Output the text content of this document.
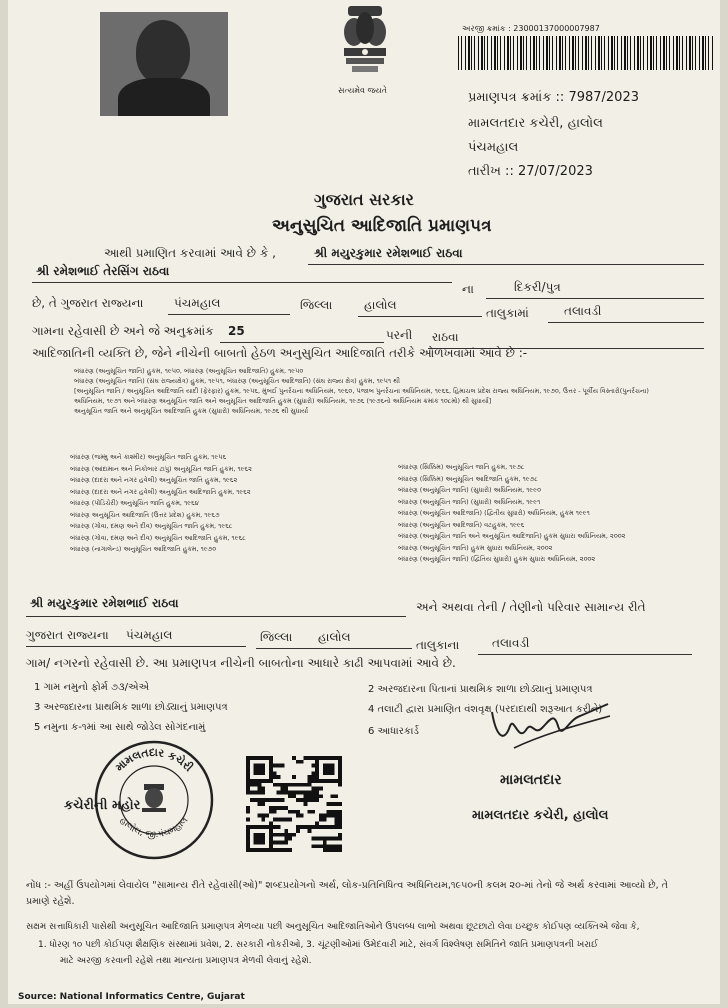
સત્યમેવ જયતે
અરજી ક્રમાંક : 23000137000007987
પ્રમાણપત્ર ક્રમાંક :: 7987/2023
મામલતદાર કચેરી, હાલોલ
પંચમહાલ
તારીખ :: 27/07/2023
ગુજરાત સરકાર
અનુસુચિત આદિજાતિ પ્રમાણપત્ર
આથી પ્રમાણિત કરવામાં આવે છે કે ,	શ્રી મયુરકુમાર રમેશભાઈ રાઠવા
શ્રી રમેશભાઈ તેરસિંગ રાઠવા
ના	દિકરી/પુત્ર
છે, તે ગુજરાત રાજ્યના	પંચમહાલ	જિલ્લા	હાલોલ
તાલુકામાં	તલાવડી
ગામના રહેવાસી છે અને જે અનુક્રમાંક 25	પરની રાઠવા
આદિજાતિની વ્યક્તિ છે, જેને નીચેની બાબતો હેઠળ અનુસુચિત આદિજાતિ તરીકે ઓળખવામાં આવે છે :-
બંધારણ (અનુસૂચિત જાતિ) હુકમ, ૧૯૫૦, બંધારણ (અનુસૂચિત આદિજાતિ) હુકમ, ૧૯૫૦
બંધારણ (અનુસૂચિત જાતિ) (સંઘ રાજ્યક્ષેત્ર) હુકમ, ૧૯૫૧, બંધારણ (અનુસૂચિત આદિજાતિ) (સંઘ રાજ્ય ક્ષેત્ર) હુકમ, ૧૯૫૧ થી
[અનુસૂચિત જાતિ / અનુસૂચિત આદિજાતિ યાદી (ફેરફાર) હુકમ, ૧૯૫૬, મુંબઈ પુનર્રચના અધિનિયમ, ૧૯૬૦, પંજાબ પુનર્રચના અધિનિયમ, ૧૯૬૬, હિમાચલ પ્રદેશ રાજ્ય અધિનિયમ, ૧૯૭૦, ઉત્તર - પૂર્વીય વિસ્તારો(પુનર્રચના)
અધિનિયમ, ૧૯૭૧ અને બંધારણ અનુસૂચિત જાતિ અને અનુસૂચિત આદિજાતિ હુકમ (સુધારો) અધિનિયમ, ૧૯૭૬ (૧૯૭૬નો અધિનિયમ ક્રમાંક ૧૦૮મો) થી સુધાર્યા]
અનુસૂચિત જાતિ અને અનુસૂચિત આદિજાતિ હુકમ (સુધારો) અધિનિયમ, ૧૯૭૬ થી સુધાર્યા
બંધારણ (જમ્મુ અને કાશ્મીર) અનુસૂચિત જાતિ હુકમ, ૧૯૫૬
બંધારણ (આંદામાન અને નિકોબાર ટાપુ) અનુસૂચિત જાતિ હુકમ, ૧૯૬૨
બંધારણ (દાદરા અને નગર હવેલી) અનુસૂચિત જાતિ હુકમ, ૧૯૬૨
બંધારણ (દાદરા અને નગર હવેલી) અનુસૂચિત આદિજાતિ હુકમ, ૧૯૬૨
બંધારણ (પોંડિચેરી) અનુસૂચિત જાતિ હુકમ, ૧૯૬૪
બંધારણ અનુસૂચિત આદિજાતિ (ઉત્તર પ્રદેશ) હુકમ, ૧૯૬૭
બંધારણ (ગોવા, દમણ અને દીવ) અનુસૂચિત જાતિ હુકમ, ૧૯૬૮
બંધારણ (ગોવા, દમણ અને દીવ) અનુસૂચિત આદિજાતિ હુકમ, ૧૯૬૮
બંધારણ (નાગાલેન્ડ) અનુસૂચિત આદિજાતિ હુકમ, ૧૯૭૦
બંધારણ (સિક્કિમ) અનુસૂચિત જાતિ હુકમ, ૧૯૭૮
બંધારણ (સિક્કિમ) અનુસૂચિત આદિજાતિ હુકમ, ૧૯૭૮
બંધારણ (અનુસૂચિત જાતિ) (સુધારો) અધિનિયમ, ૧૯૯૦
બંધારણ (અનુસૂચિત જાતિ) (સુધારો) અધિનિયમ, ૧૯૯૧
બંધારણ (અનુસૂચિત આદિજાતિ) (દ્વિતીય સુધારો) અધિનિયમ, હુકમ ૧૯૯૧
બંધારણ (અનુસૂચિત આદિજાતિ) વટહુકમ, ૧૯૯૬
બંધારણ (અનુસૂચિત જાતિ અને અનુસૂચિત આદિજાતિ) હુકમ સુધારા અધિનિયમ, ૨૦૦૨
બંધારણ (અનુસૂચિત જાતિ) હુકમ સુધારા અધિનિયમ, ૨૦૦૨
બંધારણ (અનુસૂચિત જાતિ) (દ્વિતિય સુધારો) હુકમ સુધારા અધિનિયમ, ૨૦૦૨
શ્રી મયુરકુમાર રમેશભાઈ રાઠવા	અને અથવા તેની / તેણીનો પરિવાર સામાન્ય રીતે
ગુજરાત રાજ્યના પંચમહાલ	જિલ્લા હાલોલ
તાલુકાના	તલાવડી
ગામ/ નગરનો રહેવાસી છે. આ પ્રમાણપત્ર નીચેની બાબતોના આધારે કાઢી આપવામાં આવે છે.
1 ગામ નમુનો ફોર્મ ૭૩/એએ	2 અરજદારના પિતાનાં પ્રાથમિક શાળા છોડ્યાનું પ્રમાણપત્ર
3 અરજદારના પ્રાથમિક શાળા છોડ્યાનું પ્રમાણપત્ર	4 તલાટી દ્વારા પ્રમાણિત વંશવૃક્ષ (પરદાદાથી શરૂઆત કરીને)
5 નમુના ક-૧માં આ સાથે જોડેલ સોગંદનામું	6 આધારકાર્ડ
મામલતદાર કચેરી
હાલોલ, જી.પંચમહાલ
કચેરીની મહોર
મામલતદાર
મામલતદાર કચેરી, હાલોલ
નોંધ :- અહીં ઉપયોગમાં લેવાયેલ "સામાન્ય રીતે રહેવાસી(ઓ)" શબ્દપ્રયોગનો અર્થ, લોક-પ્રતિનિધિત્વ અધિનિયમ,૧૯૫૦ની કલમ ૨૦-માં તેનો જે અર્થ કરવામાં આવ્યો છે, તે
પ્રમાણે રહેશે.
સક્ષમ સત્તાધિકારી પાસેથી અનુસૂચિત આદિજાતિ પ્રમાણપત્ર મેળવ્યા પછી અનુસૂચિત આદિજાતિઓને ઉપલબ્ધ લાભો અથવા છૂટછાટો લેવા ઇચ્છુક કોઈપણ વ્યક્તિએ જેવા કે,
1. ધોરણ ૧૦ પછી કોઈપણ શૈક્ષણિક સંસ્થામાં પ્રવેશ, 2. સરકારી નોકરીઓ, 3. ચૂંટણીઓમાં ઉમેદવારી માટે, સંવર્ગ વિશ્લેષણ સમિતિને જાતિ પ્રમાણપત્રની ખરાઈ
માટે અરજી કરવાની રહેશે તથા માન્યતા પ્રમાણપત્ર મેળવી લેવાનું રહેશે.
Source: National Informatics Centre, Gujarat
